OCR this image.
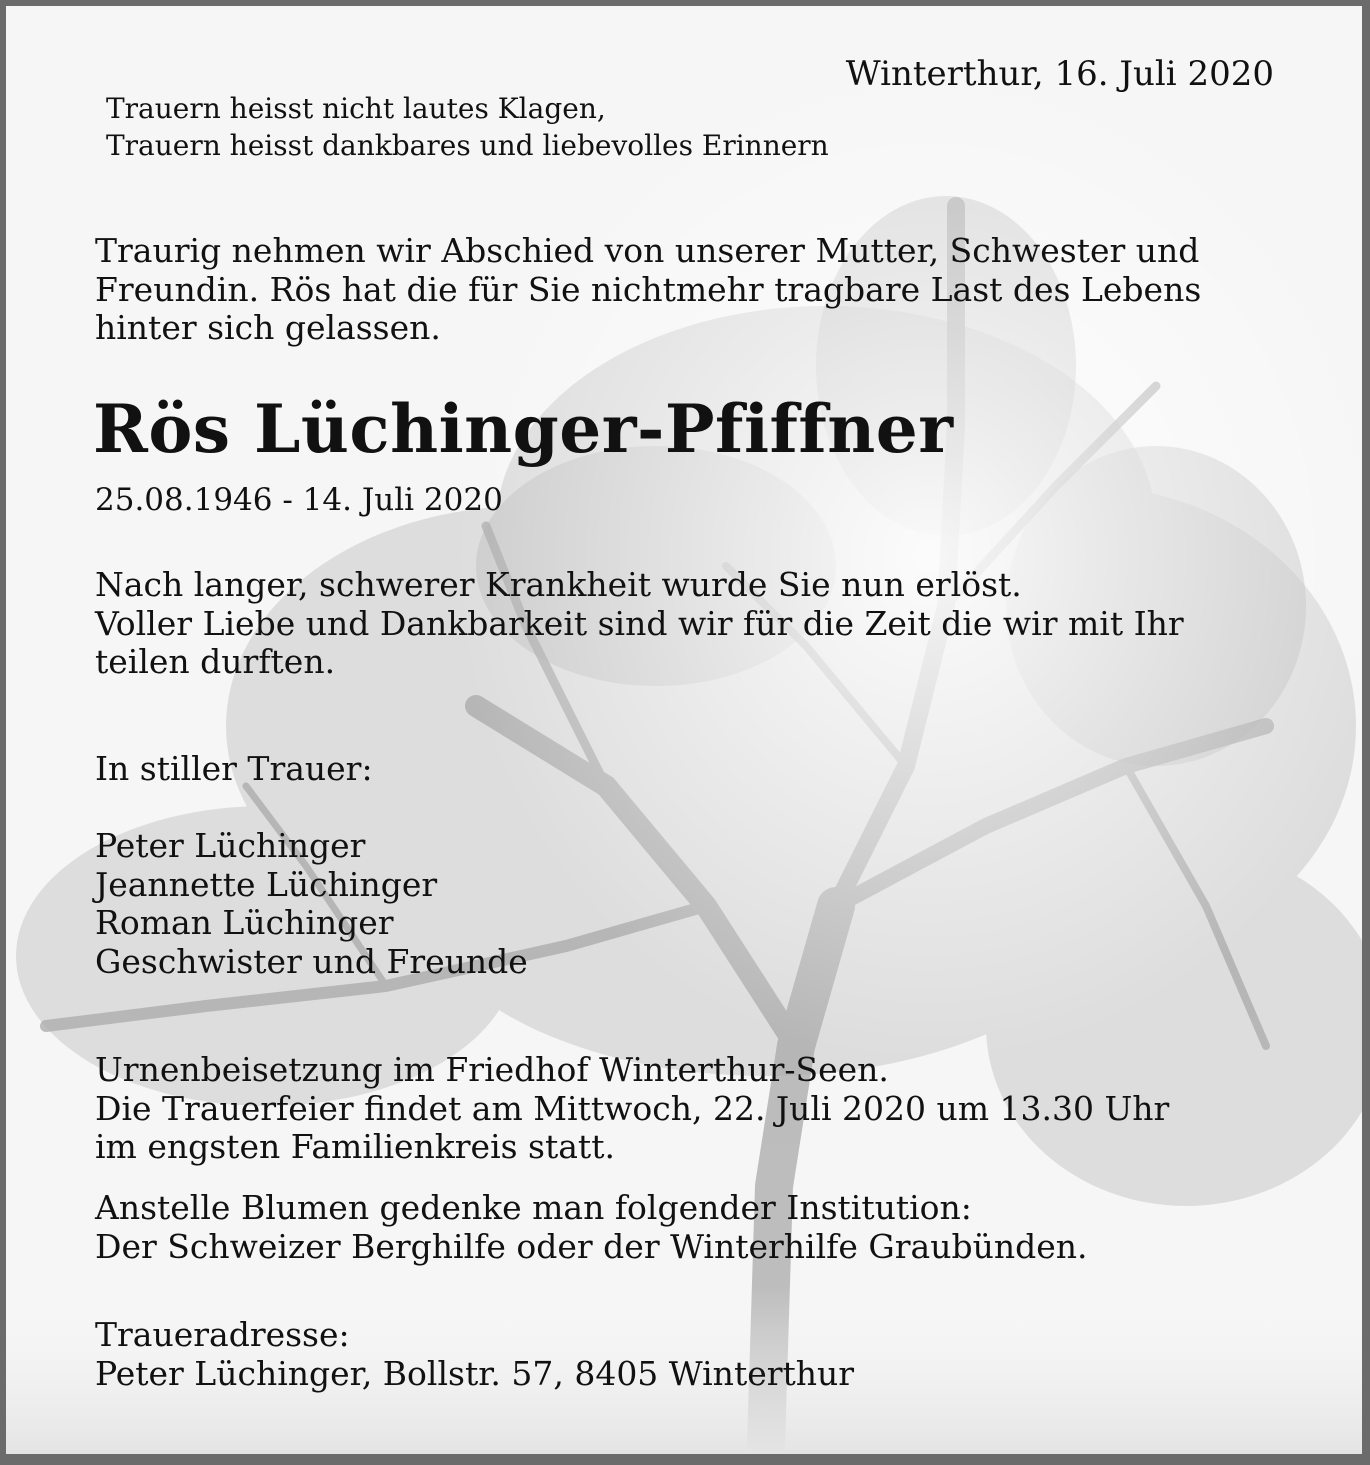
Winterthur, 16. Juli 2020
Trauern heisst nicht lautes Klagen,
Trauern heisst dankbares und liebevolles Erinnern
Traurig nehmen wir Abschied von unserer Mutter, Schwester und
Freundin. Rös hat die für Sie nichtmehr tragbare Last des Lebens
hinter sich gelassen.
Rös Lüchinger-Pfiffner
25.08.1946 - 14. Juli 2020
Nach langer, schwerer Krankheit wurde Sie nun erlöst.
Voller Liebe und Dankbarkeit sind wir für die Zeit die wir mit Ihr
teilen durften.
In stiller Trauer:
Peter Lüchinger
Jeannette Lüchinger
Roman Lüchinger
Geschwister und Freunde
Urnenbeisetzung im Friedhof Winterthur-Seen.
Die Trauerfeier findet am Mittwoch, 22. Juli 2020 um 13.30 Uhr
im engsten Familienkreis statt.
Anstelle Blumen gedenke man folgender Institution:
Der Schweizer Berghilfe oder der Winterhilfe Graubünden.
Traueradresse:
Peter Lüchinger, Bollstr. 57, 8405 Winterthur
